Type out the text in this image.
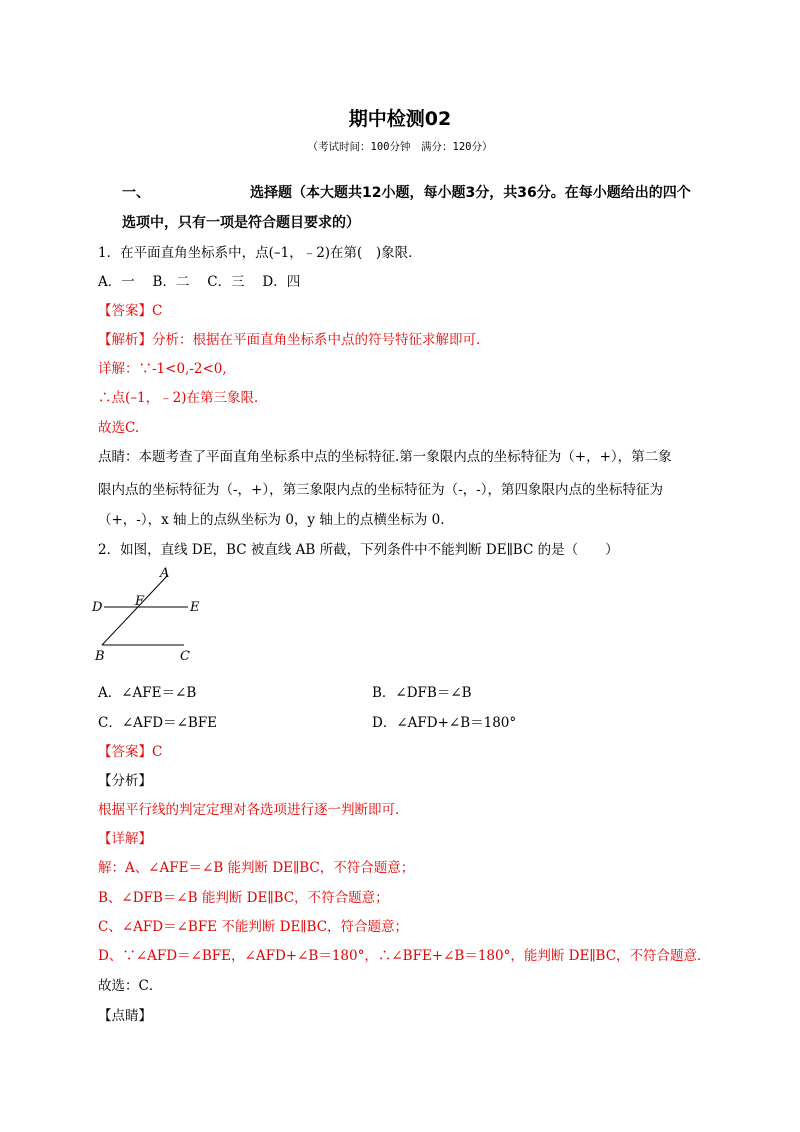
期中检测02
（考试时间：100分钟　满分：120分）
一、	选择题（本大题共12小题，每小题3分，共36分。在每小题给出的四个
选项中，只有一项是符合题目要求的）
1．在平面直角坐标系中，点(–1，﹣2)在第(　)象限．
A．一　 B．二　 C．三　 D．四
【答案】C
【解析】分析：根据在平面直角坐标系中点的符号特征求解即可.
详解：∵-1<0,-2<0,
∴点(–1，﹣2)在第三象限．
故选C.
点睛：本题考查了平面直角坐标系中点的坐标特征.第一象限内点的坐标特征为（+，+），第二象
限内点的坐标特征为（-，+），第三象限内点的坐标特征为（-，-），第四象限内点的坐标特征为
（+，-），x 轴上的点纵坐标为 0，y 轴上的点横坐标为 0.
2．如图，直线 DE，BC 被直线 AB 所截，下列条件中不能判断 DE∥BC 的是（　　）
A
F
D	E
B	C
A．∠AFE＝∠B	B．∠DFB＝∠B
C．∠AFD＝∠BFE	D．∠AFD+∠B＝180°
【答案】C
【分析】
根据平行线的判定定理对各选项进行逐一判断即可．
【详解】
解：A、∠AFE＝∠B 能判断 DE∥BC，不符合题意；
B、∠DFB＝∠B 能判断 DE∥BC，不符合题意；
C、∠AFD＝∠BFE 不能判断 DE∥BC，符合题意；
D、∵∠AFD＝∠BFE，∠AFD+∠B＝180°，∴∠BFE+∠B＝180°，能判断 DE∥BC，不符合题意．
故选：C．
【点睛】
